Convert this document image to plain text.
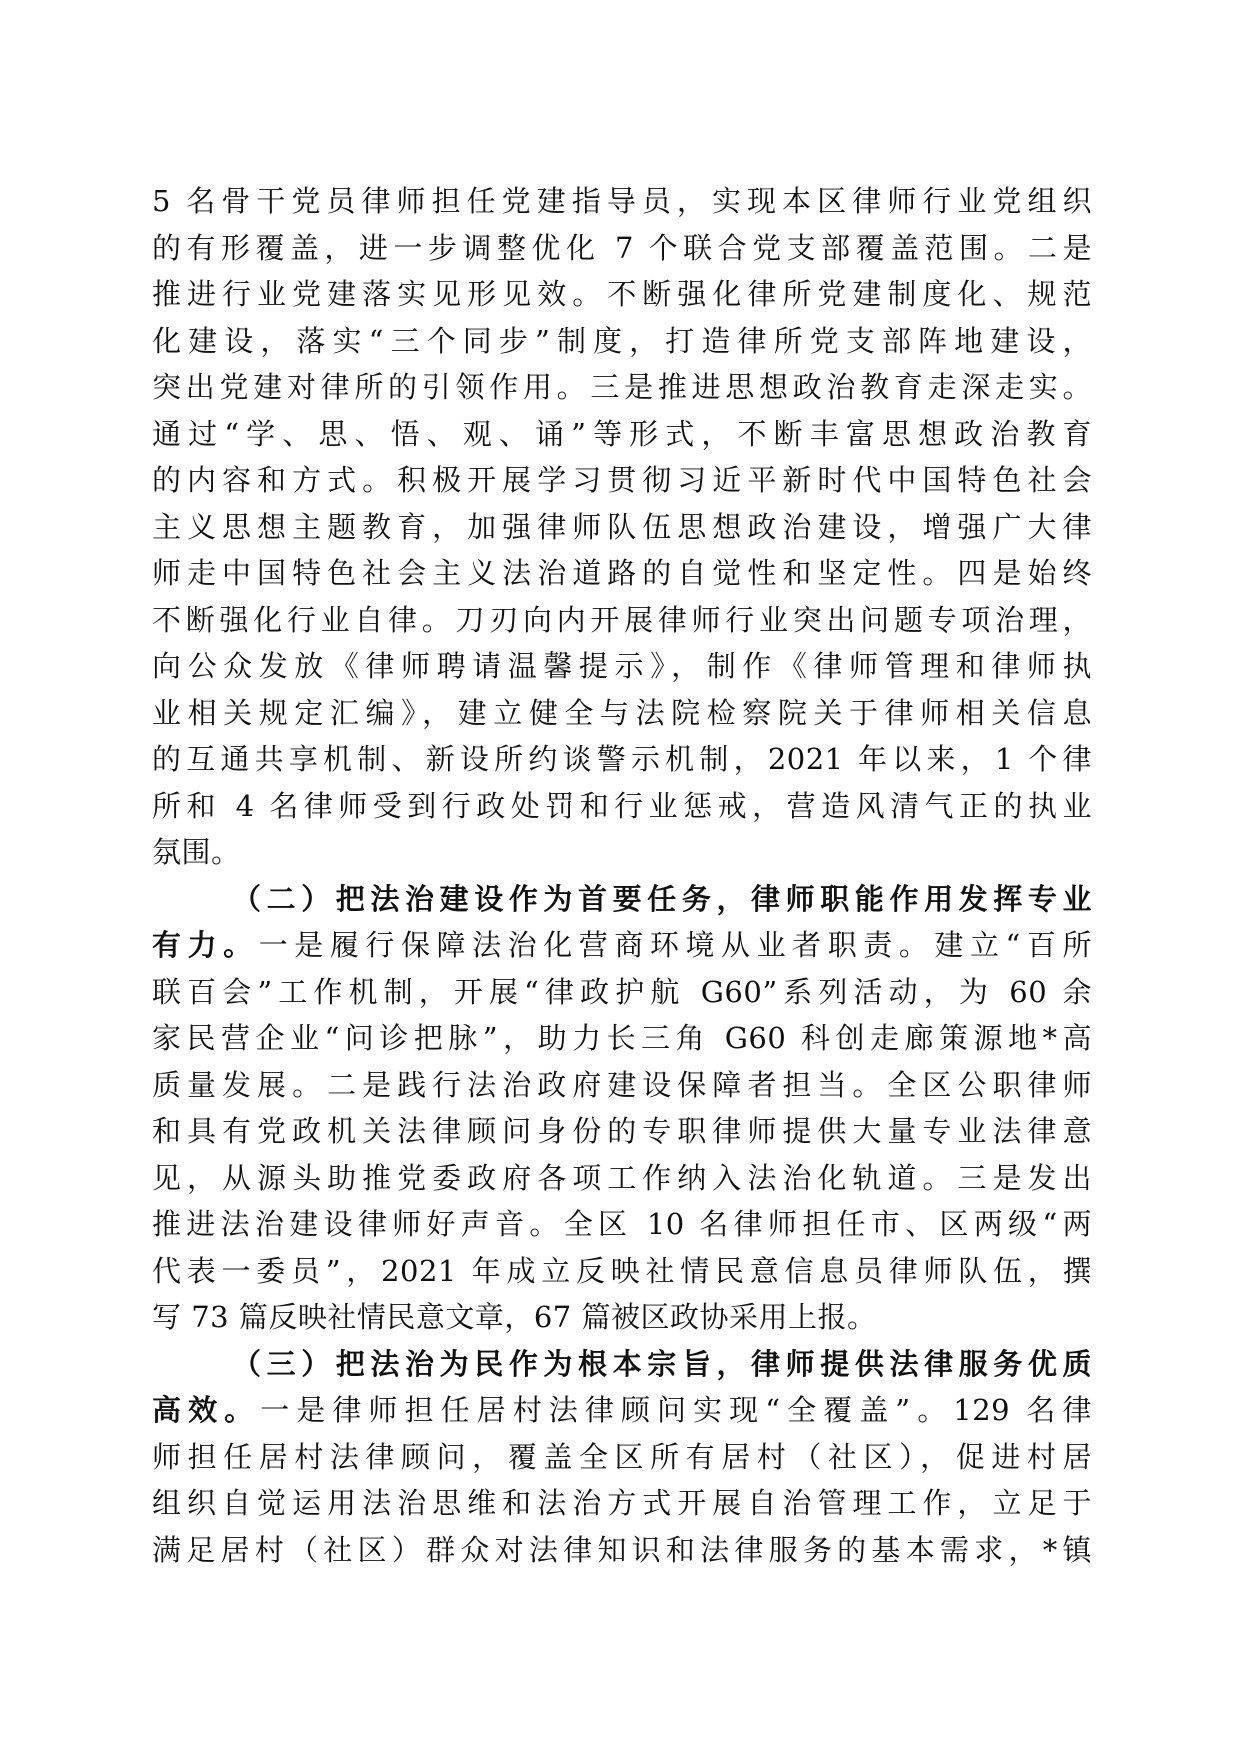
5 名骨干党员律师担任党建指导员，实现本区律师行业党组织
的有形覆盖，进一步调整优化 7 个联合党支部覆盖范围。二是
推进行业党建落实见形见效。不断强化律所党建制度化、规范
化建设，落实“三个同步”制度，打造律所党支部阵地建设，
突出党建对律所的引领作用。三是推进思想政治教育走深走实。
通过“学、思、悟、观、诵”等形式，不断丰富思想政治教育
的内容和方式。积极开展学习贯彻习近平新时代中国特色社会
主义思想主题教育，加强律师队伍思想政治建设，增强广大律
师走中国特色社会主义法治道路的自觉性和坚定性。四是始终
不断强化行业自律。刀刃向内开展律师行业突出问题专项治理，
向公众发放《律师聘请温馨提示》，制作《律师管理和律师执
业相关规定汇编》，建立健全与法院检察院关于律师相关信息
的互通共享机制、新设所约谈警示机制，2021 年以来，1 个律
所和 4 名律师受到行政处罚和行业惩戒，营造风清气正的执业
氛围。
（二）把法治建设作为首要任务，律师职能作用发挥专业
有力。一是履行保障法治化营商环境从业者职责。建立“百所
联百会”工作机制，开展“律政护航 G60”系列活动，为 60 余
家民营企业“问诊把脉”，助力长三角 G60 科创走廊策源地*高
质量发展。二是践行法治政府建设保障者担当。全区公职律师
和具有党政机关法律顾问身份的专职律师提供大量专业法律意
见，从源头助推党委政府各项工作纳入法治化轨道。三是发出
推进法治建设律师好声音。全区 10 名律师担任市、区两级“两
代表一委员”，2021 年成立反映社情民意信息员律师队伍，撰
写 73 篇反映社情民意文章，67 篇被区政协采用上报。
（三）把法治为民作为根本宗旨，律师提供法律服务优质
高效。一是律师担任居村法律顾问实现“全覆盖”。129 名律
师担任居村法律顾问，覆盖全区所有居村（社区），促进村居
组织自觉运用法治思维和法治方式开展自治管理工作，立足于
满足居村（社区）群众对法律知识和法律服务的基本需求，*镇
